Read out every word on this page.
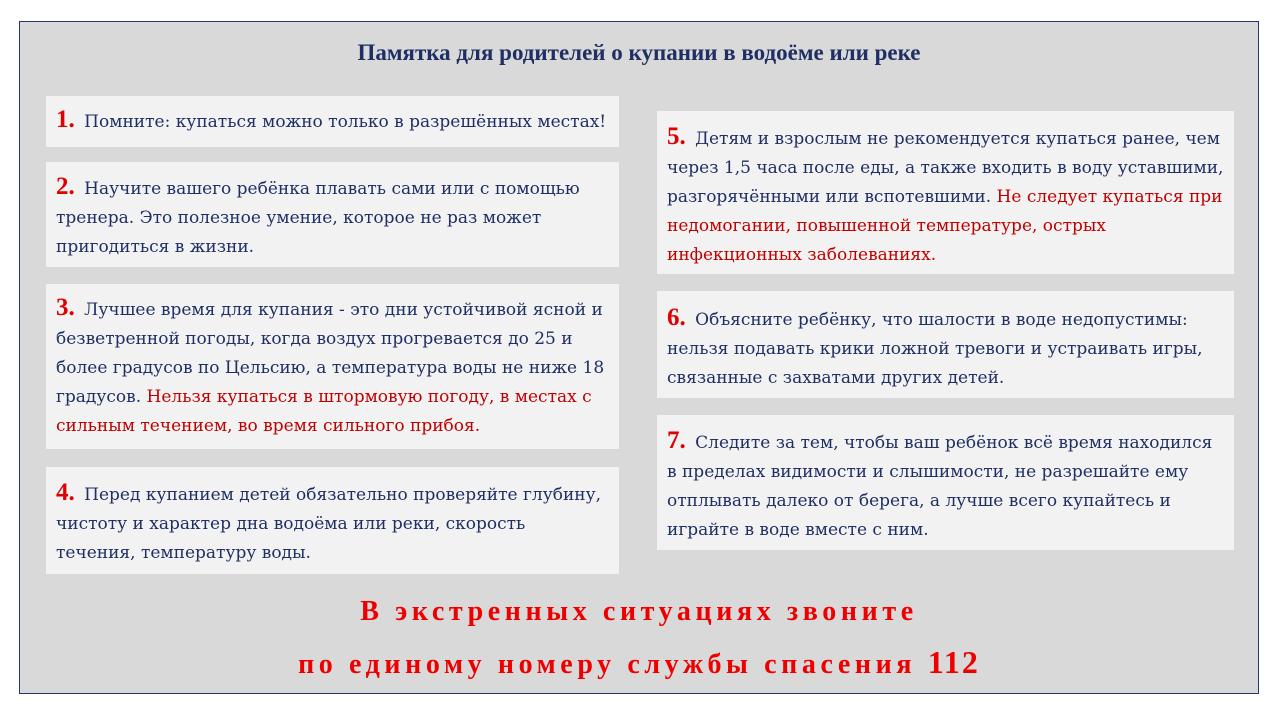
Памятка для родителей о купании в водоёме или реке
1. Помните: купаться можно только в разрешённых местах!
2. Научите вашего ребёнка плавать сами или с помощью тренера. Это полезное умение, которое не раз может пригодиться в жизни.
3. Лучшее время для купания - это дни устойчивой ясной и безветренной погоды, когда воздух прогревается до 25 и более градусов по Цельсию, а температура воды не ниже 18 градусов. Нельзя купаться в штормовую погоду, в местах с сильным течением, во время сильного прибоя.
4. Перед купанием детей обязательно проверяйте глубину, чистоту и характер дна водоёма или реки, скорость течения, температуру воды.
5. Детям и взрослым не рекомендуется купаться ранее, чем через 1,5 часа после еды, а также входить в воду уставшими, разгорячёнными или вспотевшими. Не следует купаться при недомогании, повышенной температуре, острых инфекционных заболеваниях.
6. Объясните ребёнку, что шалости в воде недопустимы: нельзя подавать крики ложной тревоги и устраивать игры, связанные с захватами других детей.
7. Следите за тем, чтобы ваш ребёнок всё время находился в пределах видимости и слышимости, не разрешайте ему отплывать далеко от берега, а лучше всего купайтесь и играйте в воде вместе с ним.
В экстренных ситуациях звоните
по единому номеру службы спасения 112
